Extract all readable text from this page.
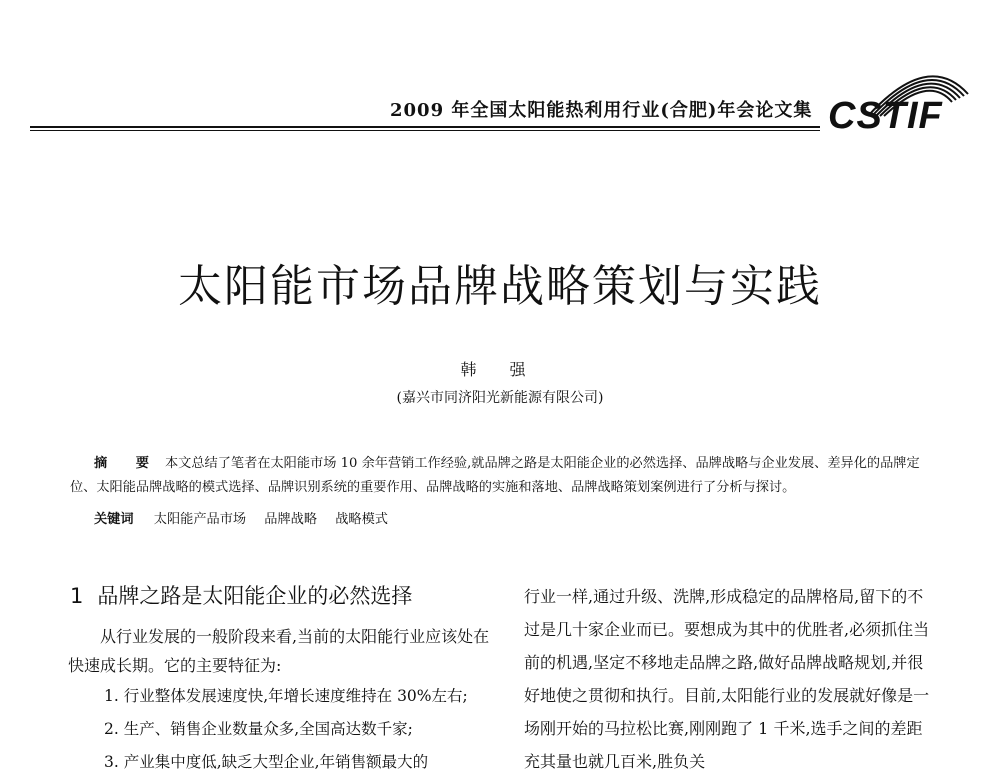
2009 年全国太阳能热利用行业(合肥)年会论文集 CSTIF
太阳能市场品牌战略策划与实践
韩 强
(嘉兴市同济阳光新能源有限公司)
摘 要 本文总结了笔者在太阳能市场 10 余年营销工作经验,就品牌之路是太阳能企业的必然选择、品牌战略与企业发展、差异化的品牌定位、太阳能品牌战略的模式选择、品牌识别系统的重要作用、品牌战略的实施和落地、品牌战略策划案例进行了分析与探讨。
关键词 太阳能产品市场 品牌战略 战略模式
1 品牌之路是太阳能企业的必然选择

从行业发展的一般阶段来看,当前的太阳能行业应该处在快速成长期。它的主要特征为:

1. 行业整体发展速度快,年增长速度维持在 30%左右;

2. 生产、销售企业数量众多,全国高达数千家;

3. 产业集中度低,缺乏大型企业,年销售额最大的

行业一样,通过升级、洗牌,形成稳定的品牌格局,留下的不过是几十家企业而已。要想成为其中的优胜者,必须抓住当前的机遇,坚定不移地走品牌之路,做好品牌战略规划,并很好地使之贯彻和执行。目前,太阳能行业的发展就好像是一场刚开始的马拉松比赛,刚刚跑了 1 千米,选手之间的差距充其量也就几百米,胜负关
